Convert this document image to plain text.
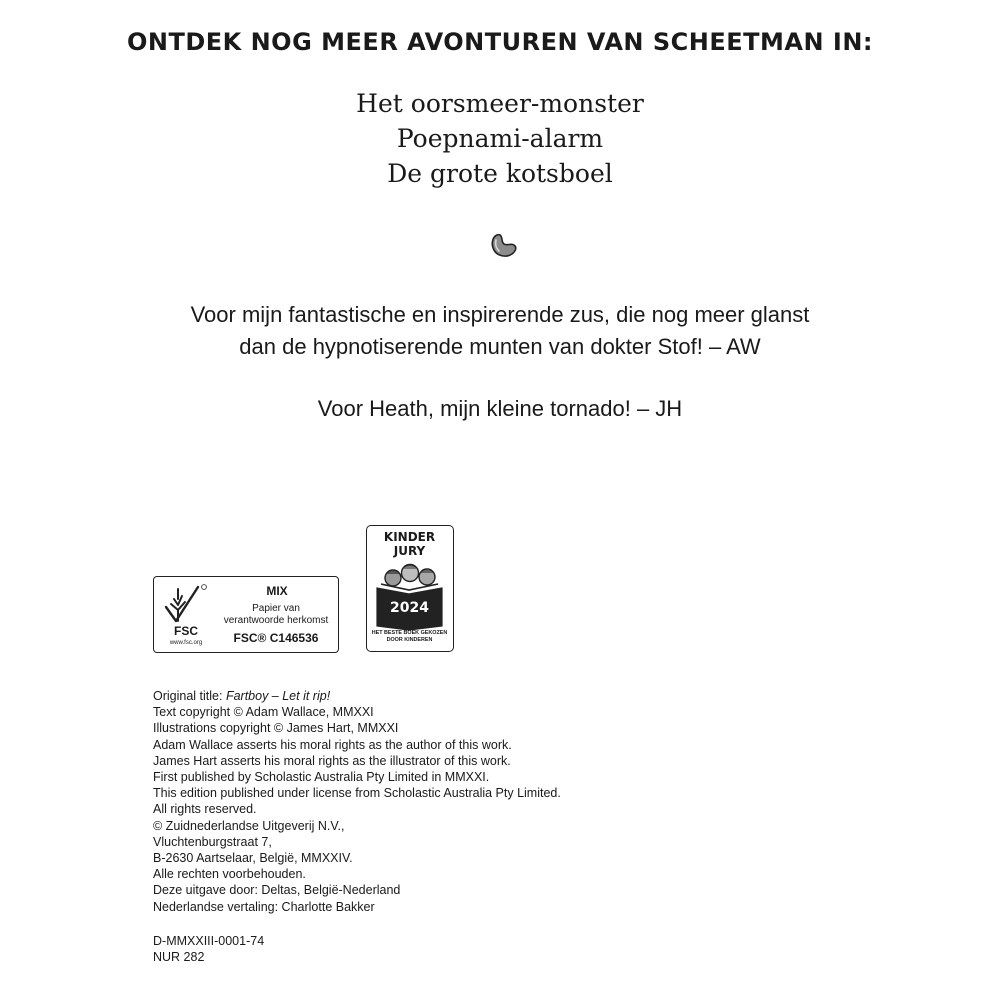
ONTDEK NOG MEER AVONTUREN VAN SCHEETMAN IN:
Het oorsmeer-monster
Poepnami-alarm
De grote kotsboel
Voor mijn fantastische en inspirerende zus, die nog meer glanst
dan de hypnotiserende munten van dokter Stof! – AW
Voor Heath, mijn kleine tornado! – JH
FSC
www.fsc.org
MIX
Papier van
verantwoorde herkomst
FSC® C146536
KINDER
JURY
2024
HET BESTE BOEK GEKOZEN
DOOR KINDEREN
Original title: Fartboy – Let it rip!
Text copyright © Adam Wallace, MMXXI
Illustrations copyright © James Hart, MMXXI
Adam Wallace asserts his moral rights as the author of this work.
James Hart asserts his moral rights as the illustrator of this work.
First published by Scholastic Australia Pty Limited in MMXXI.
This edition published under license from Scholastic Australia Pty Limited.
All rights reserved.
© Zuidnederlandse Uitgeverij N.V.,
Vluchtenburgstraat 7,
B-2630 Aartselaar, België, MMXXIV.
Alle rechten voorbehouden.
Deze uitgave door: Deltas, België-Nederland
Nederlandse vertaling: Charlotte Bakker
D-MMXXIII-0001-74
NUR 282
